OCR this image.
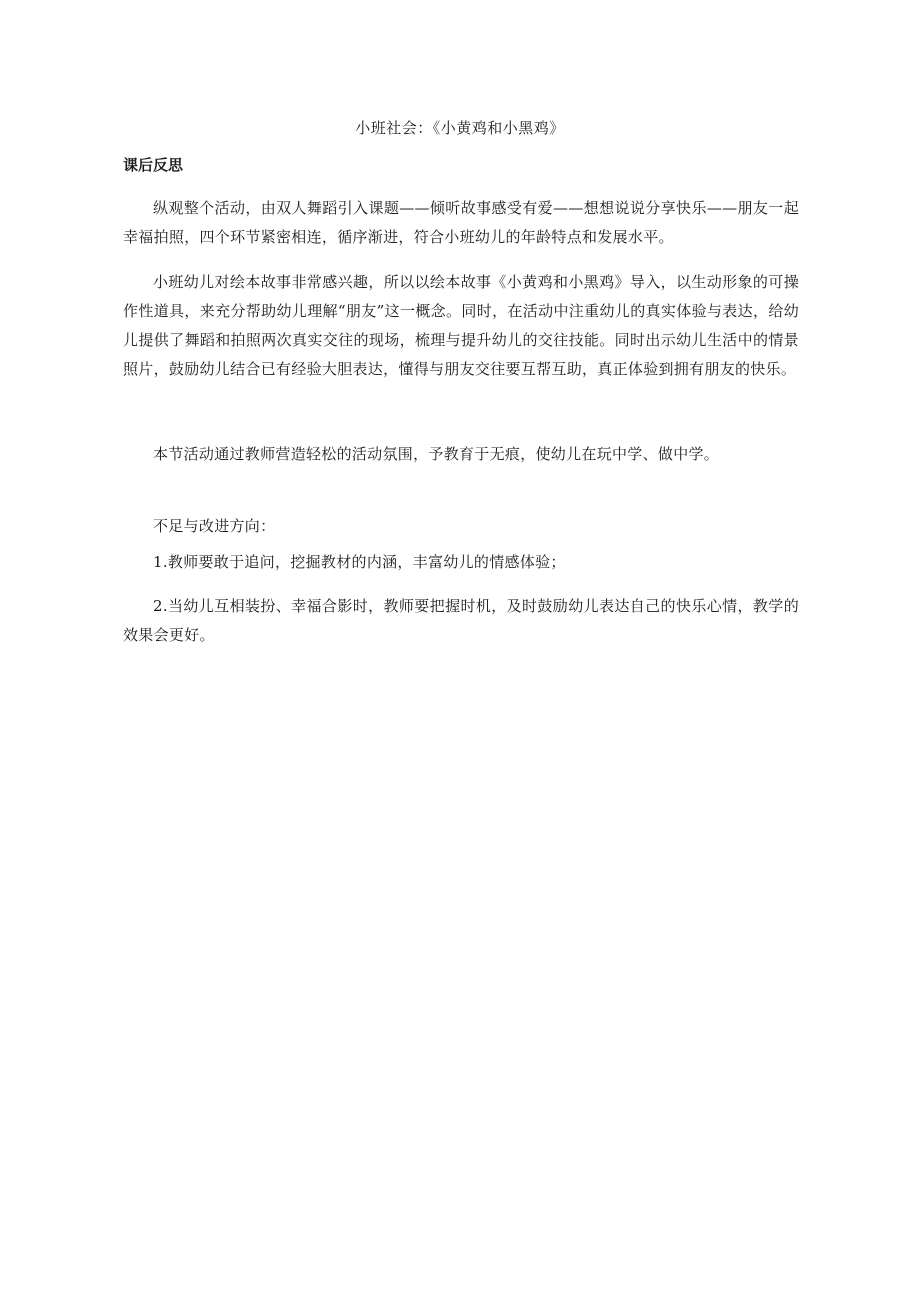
小班社会：《小黄鸡和小黑鸡》
课后反思

纵观整个活动，由双人舞蹈引入课题——倾听故事感受有爱——想想说说分享快乐——朋友一起幸福拍照，四个环节紧密相连，循序渐进，符合小班幼儿的年龄特点和发展水平。

小班幼儿对绘本故事非常感兴趣，所以以绘本故事《小黄鸡和小黑鸡》导入，以生动形象的可操作性道具，来充分帮助幼儿理解“朋友”这一概念。同时，在活动中注重幼儿的真实体验与表达，给幼儿提供了舞蹈和拍照两次真实交往的现场，梳理与提升幼儿的交往技能。同时出示幼儿生活中的情景照片，鼓励幼儿结合已有经验大胆表达，懂得与朋友交往要互帮互助，真正体验到拥有朋友的快乐。

本节活动通过教师营造轻松的活动氛围，予教育于无痕，使幼儿在玩中学、做中学。

不足与改进方向：

1.教师要敢于追问，挖掘教材的内涵，丰富幼儿的情感体验；

2.当幼儿互相装扮、幸福合影时，教师要把握时机，及时鼓励幼儿表达自己的快乐心情，教学的效果会更好。
